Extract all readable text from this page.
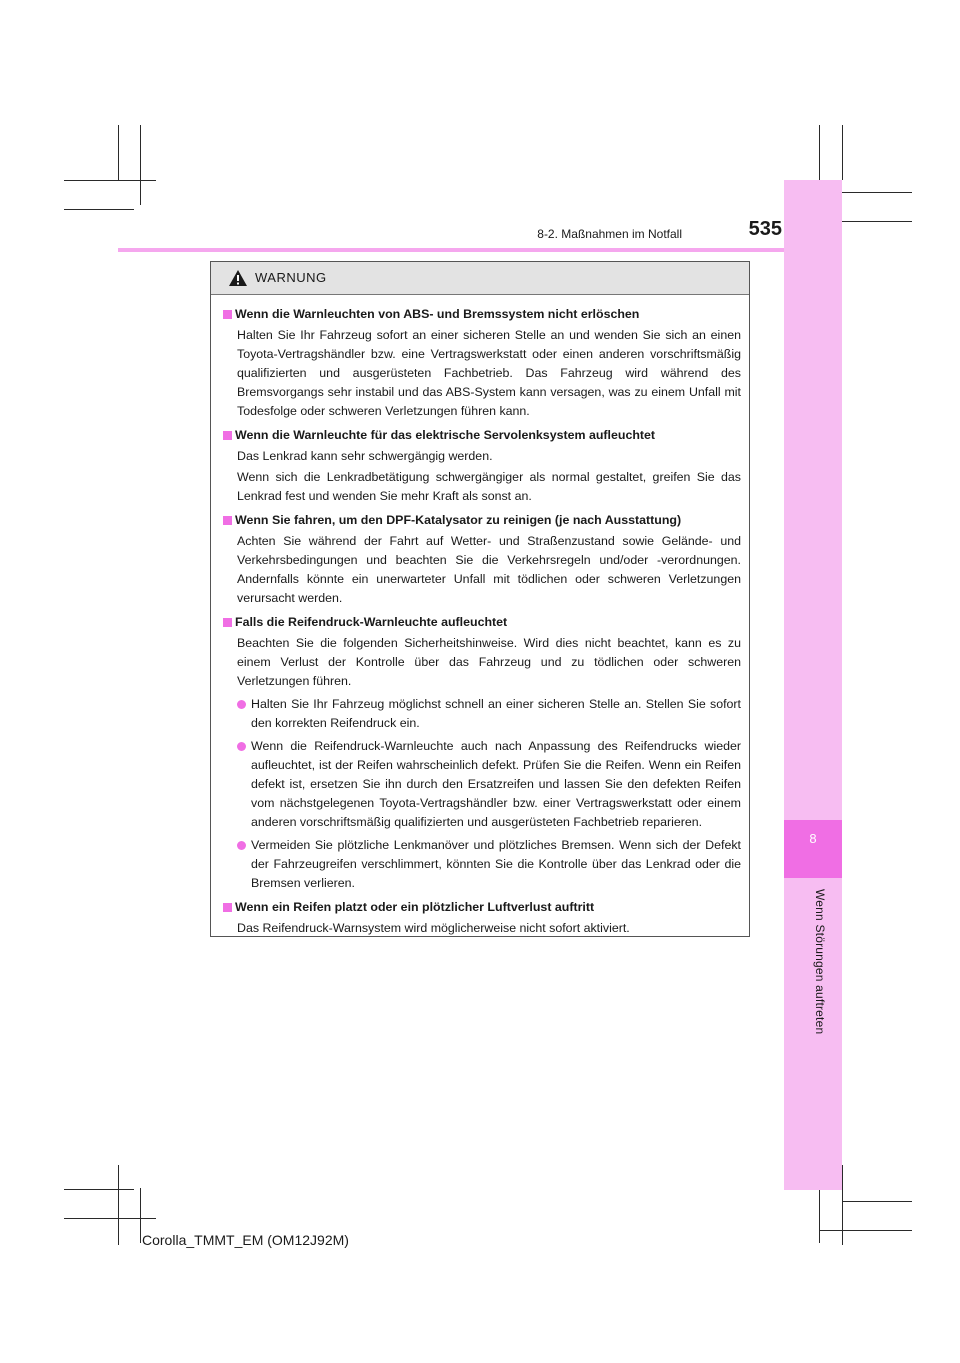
8
Wenn Störungen auftreten
8-2. Maßnahmen im Notfall	535
WARNUNG
Wenn die Warnleuchten von ABS- und Bremssystem nicht erlöschen
Halten Sie Ihr Fahrzeug sofort an einer sicheren Stelle an und wenden Sie sich an einen Toyota-Vertragshändler bzw. eine Vertragswerkstatt oder einen anderen vorschriftsmäßig qualifizierten und ausgerüsteten Fachbetrieb. Das Fahrzeug wird während des Bremsvorgangs sehr instabil und das ABS-System kann versagen, was zu einem Unfall mit Todesfolge oder schweren Verletzungen führen kann.
Wenn die Warnleuchte für das elektrische Servolenksystem aufleuchtet
Das Lenkrad kann sehr schwergängig werden.
Wenn sich die Lenkradbetätigung schwergängiger als normal gestaltet, greifen Sie das Lenkrad fest und wenden Sie mehr Kraft als sonst an.
Wenn Sie fahren, um den DPF-Katalysator zu reinigen (je nach Ausstattung)
Achten Sie während der Fahrt auf Wetter- und Straßenzustand sowie Gelände- und Verkehrsbedingungen und beachten Sie die Verkehrsregeln und/oder -verordnungen. Andernfalls könnte ein unerwarteter Unfall mit tödlichen oder schweren Verletzungen verursacht werden.
Falls die Reifendruck-Warnleuchte aufleuchtet
Beachten Sie die folgenden Sicherheitshinweise. Wird dies nicht beachtet, kann es zu einem Verlust der Kontrolle über das Fahrzeug und zu tödlichen oder schweren Verletzungen führen.
Halten Sie Ihr Fahrzeug möglichst schnell an einer sicheren Stelle an. Stellen Sie sofort den korrekten Reifendruck ein.
Wenn die Reifendruck-Warnleuchte auch nach Anpassung des Reifendrucks wieder aufleuchtet, ist der Reifen wahrscheinlich defekt. Prüfen Sie die Reifen. Wenn ein Reifen defekt ist, ersetzen Sie ihn durch den Ersatzreifen und lassen Sie den defekten Reifen vom nächstgelegenen Toyota-Vertragshändler bzw. einer Vertragswerkstatt oder einem anderen vorschriftsmäßig qualifizierten und ausgerüsteten Fachbetrieb reparieren.
Vermeiden Sie plötzliche Lenkmanöver und plötzliches Bremsen. Wenn sich der Defekt der Fahrzeugreifen verschlimmert, könnten Sie die Kontrolle über das Lenkrad oder die Bremsen verlieren.
Wenn ein Reifen platzt oder ein plötzlicher Luftverlust auftritt
Das Reifendruck-Warnsystem wird möglicherweise nicht sofort aktiviert.
Corolla_TMMT_EM (OM12J92M)
